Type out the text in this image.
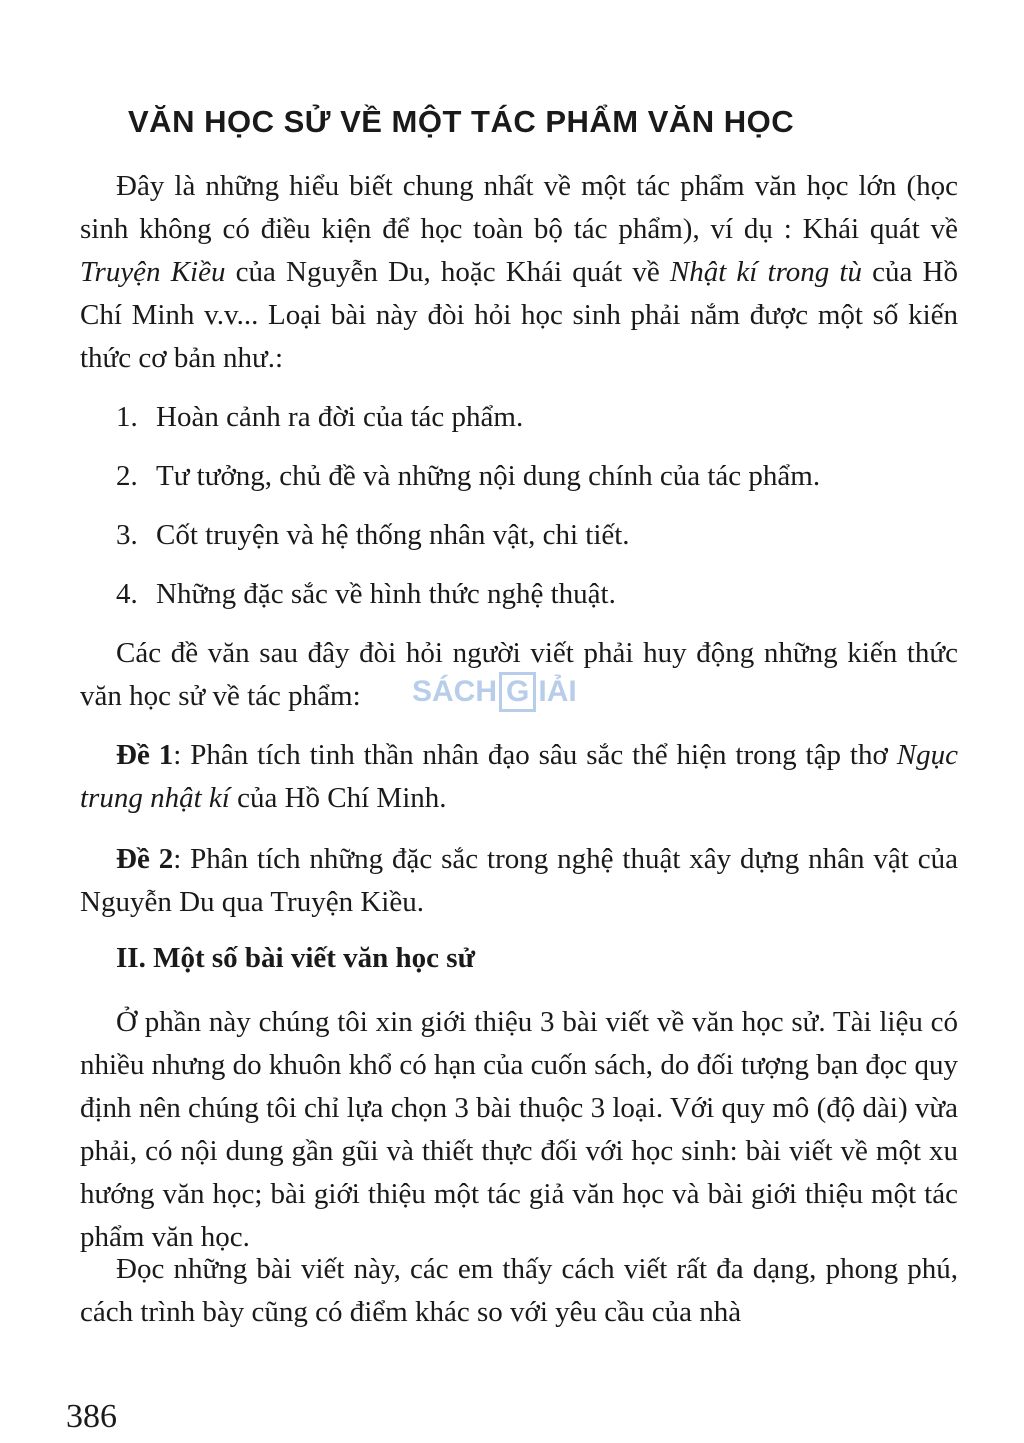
VĂN HỌC SỬ VỀ MỘT TÁC PHẨM VĂN HỌC
Đây là những hiểu biết chung nhất về một tác phẩm văn học lớn (học sinh không có điều kiện để học toàn bộ tác phẩm), ví dụ : Khái quát về Truyện Kiều của Nguyễn Du, hoặc Khái quát về Nhật kí trong tù của Hồ Chí Minh v.v... Loại bài này đòi hỏi học sinh phải nắm được một số kiến thức cơ bản như.:
1. Hoàn cảnh ra đời của tác phẩm.
2. Tư tưởng, chủ đề và những nội dung chính của tác phẩm.
3. Cốt truyện và hệ thống nhân vật, chi tiết.
4. Những đặc sắc về hình thức nghệ thuật.
Các đề văn sau đây đòi hỏi người viết phải huy động những kiến thức văn học sử về tác phẩm:
Đề 1: Phân tích tinh thần nhân đạo sâu sắc thể hiện trong tập thơ Ngục trung nhật kí của Hồ Chí Minh.
Đề 2: Phân tích những đặc sắc trong nghệ thuật xây dựng nhân vật của Nguyễn Du qua Truyện Kiều.
II. Một số bài viết văn học sử
Ở phần này chúng tôi xin giới thiệu 3 bài viết về văn học sử. Tài liệu có nhiều nhưng do khuôn khổ có hạn của cuốn sách, do đối tượng bạn đọc quy định nên chúng tôi chỉ lựa chọn 3 bài thuộc 3 loại. Với quy mô (độ dài) vừa phải, có nội dung gần gũi và thiết thực đối với học sinh: bài viết về một xu hướng văn học; bài giới thiệu một tác giả văn học và bài giới thiệu một tác phẩm văn học.
Đọc những bài viết này, các em thấy cách viết rất đa dạng, phong phú, cách trình bày cũng có điểm khác so với yêu cầu của nhà
SÁCH G IẢI
386
